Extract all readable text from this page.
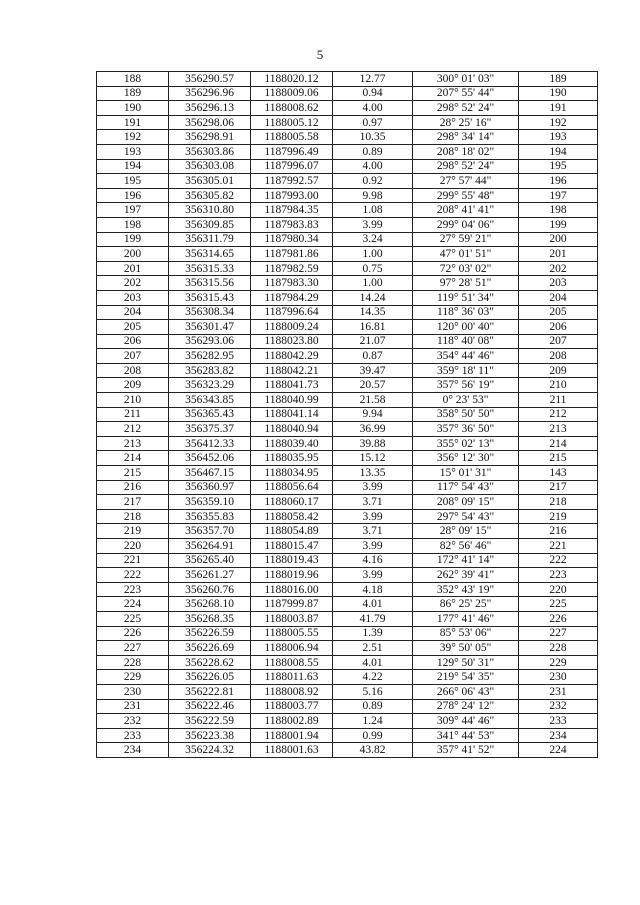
5
188	356290.57	1188020.12	12.77	300° 01' 03"	189
189	356296.96	1188009.06	0.94	207° 55' 44"	190
190	356296.13	1188008.62	4.00	298° 52' 24"	191
191	356298.06	1188005.12	0.97	28° 25' 16"	192
192	356298.91	1188005.58	10.35	298° 34' 14"	193
193	356303.86	1187996.49	0.89	208° 18' 02"	194
194	356303.08	1187996.07	4.00	298° 52' 24"	195
195	356305.01	1187992.57	0.92	27° 57' 44"	196
196	356305.82	1187993.00	9.98	299° 55' 48"	197
197	356310.80	1187984.35	1.08	208° 41' 41"	198
198	356309.85	1187983.83	3.99	299° 04' 06"	199
199	356311.79	1187980.34	3.24	27° 59' 21"	200
200	356314.65	1187981.86	1.00	47° 01' 51"	201
201	356315.33	1187982.59	0.75	72° 03' 02"	202
202	356315.56	1187983.30	1.00	97° 28' 51"	203
203	356315.43	1187984.29	14.24	119° 51' 34"	204
204	356308.34	1187996.64	14.35	118° 36' 03"	205
205	356301.47	1188009.24	16.81	120° 00' 40"	206
206	356293.06	1188023.80	21.07	118° 40' 08"	207
207	356282.95	1188042.29	0.87	354° 44' 46"	208
208	356283.82	1188042.21	39.47	359° 18' 11"	209
209	356323.29	1188041.73	20.57	357° 56' 19"	210
210	356343.85	1188040.99	21.58	0° 23' 53"	211
211	356365.43	1188041.14	9.94	358° 50' 50"	212
212	356375.37	1188040.94	36.99	357° 36' 50"	213
213	356412.33	1188039.40	39.88	355° 02' 13"	214
214	356452.06	1188035.95	15.12	356° 12' 30"	215
215	356467.15	1188034.95	13.35	15° 01' 31"	143
216	356360.97	1188056.64	3.99	117° 54' 43"	217
217	356359.10	1188060.17	3.71	208° 09' 15"	218
218	356355.83	1188058.42	3.99	297° 54' 43"	219
219	356357.70	1188054.89	3.71	28° 09' 15"	216
220	356264.91	1188015.47	3.99	82° 56' 46"	221
221	356265.40	1188019.43	4.16	172° 41' 14"	222
222	356261.27	1188019.96	3.99	262° 39' 41"	223
223	356260.76	1188016.00	4.18	352° 43' 19"	220
224	356268.10	1187999.87	4.01	86° 25' 25"	225
225	356268.35	1188003.87	41.79	177° 41' 46"	226
226	356226.59	1188005.55	1.39	85° 53' 06"	227
227	356226.69	1188006.94	2.51	39° 50' 05"	228
228	356228.62	1188008.55	4.01	129° 50' 31"	229
229	356226.05	1188011.63	4.22	219° 54' 35"	230
230	356222.81	1188008.92	5.16	266° 06' 43"	231
231	356222.46	1188003.77	0.89	278° 24' 12"	232
232	356222.59	1188002.89	1.24	309° 44' 46"	233
233	356223.38	1188001.94	0.99	341° 44' 53"	234
234	356224.32	1188001.63	43.82	357° 41' 52"	224
